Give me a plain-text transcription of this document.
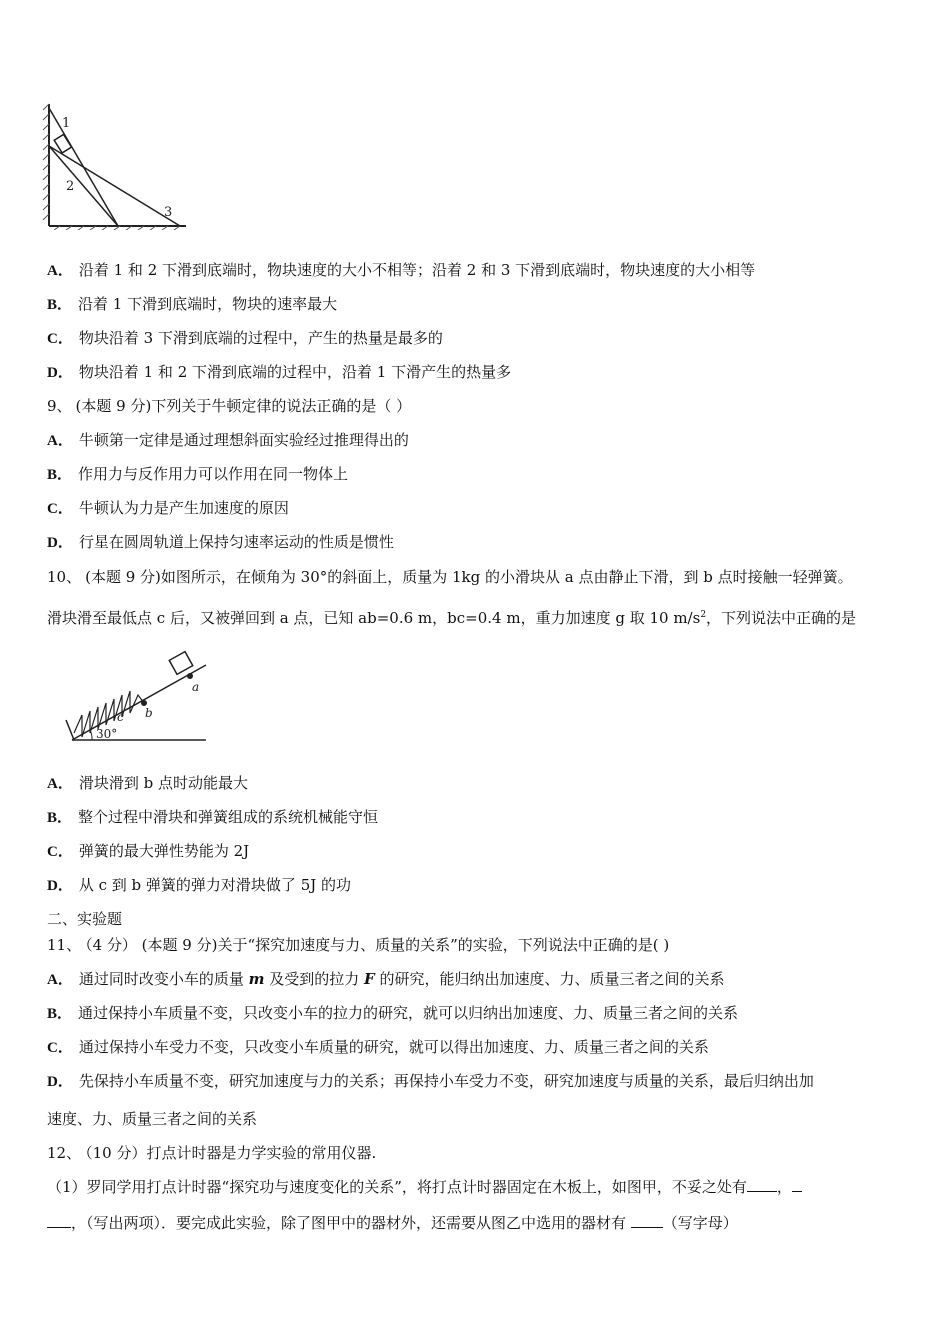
1
2
3
A． 沿着 1 和 2 下滑到底端时，物块速度的大小不相等；沿着 2 和 3 下滑到底端时，物块速度的大小相等
B． 沿着 1 下滑到底端时，物块的速率最大
C． 物块沿着 3 下滑到底端的过程中，产生的热量是最多的
D． 物块沿着 1 和 2 下滑到底端的过程中，沿着 1 下滑产生的热量多
9、 (本题 9 分)下列关于牛顿定律的说法正确的是（ ）
A． 牛顿第一定律是通过理想斜面实验经过推理得出的
B． 作用力与反作用力可以作用在同一物体上
C． 牛顿认为力是产生加速度的原因
D． 行星在圆周轨道上保持匀速率运动的性质是惯性
10、 (本题 9 分)如图所示，在倾角为 30°的斜面上，质量为 1kg 的小滑块从 a 点由静止下滑，到 b 点时接触一轻弹簧。
滑块滑至最低点 c 后，又被弹回到 a 点，已知 ab=0.6 m，bc=0.4 m，重力加速度 g 取 10 $m/s^2$，下列说法中正确的是
c b
a
30°
A． 滑块滑到 b 点时动能最大
B． 整个过程中滑块和弹簧组成的系统机械能守恒
C． 弹簧的最大弹性势能为 2J
D． 从 c 到 b 弹簧的弹力对滑块做了 5J 的功
二、实验题
11、 （4 分） (本题 9 分)关于“探究加速度与力、质量的关系”的实验，下列说法中正确的是( )
A． 通过同时改变小车的质量 m 及受到的拉力 F 的研究，能归纳出加速度、力、质量三者之间的关系
B． 通过保持小车质量不变，只改变小车的拉力的研究，就可以归纳出加速度、力、质量三者之间的关系
C． 通过保持小车受力不变，只改变小车质量的研究，就可以得出加速度、力、质量三者之间的关系
D． 先保持小车质量不变，研究加速度与力的关系；再保持小车受力不变，研究加速度与质量的关系，最后归纳出加
速度、力、质量三者之间的关系
12、 （10 分）打点计时器是力学实验的常用仪器.
（1）罗同学用打点计时器“探究功与速度变化的关系”，将打点计时器固定在木板上，如图甲，不妥之处有 ，
，（写出两项）．要完成此实验，除了图甲中的器材外，还需要从图乙中选用的器材有 （写字母）
